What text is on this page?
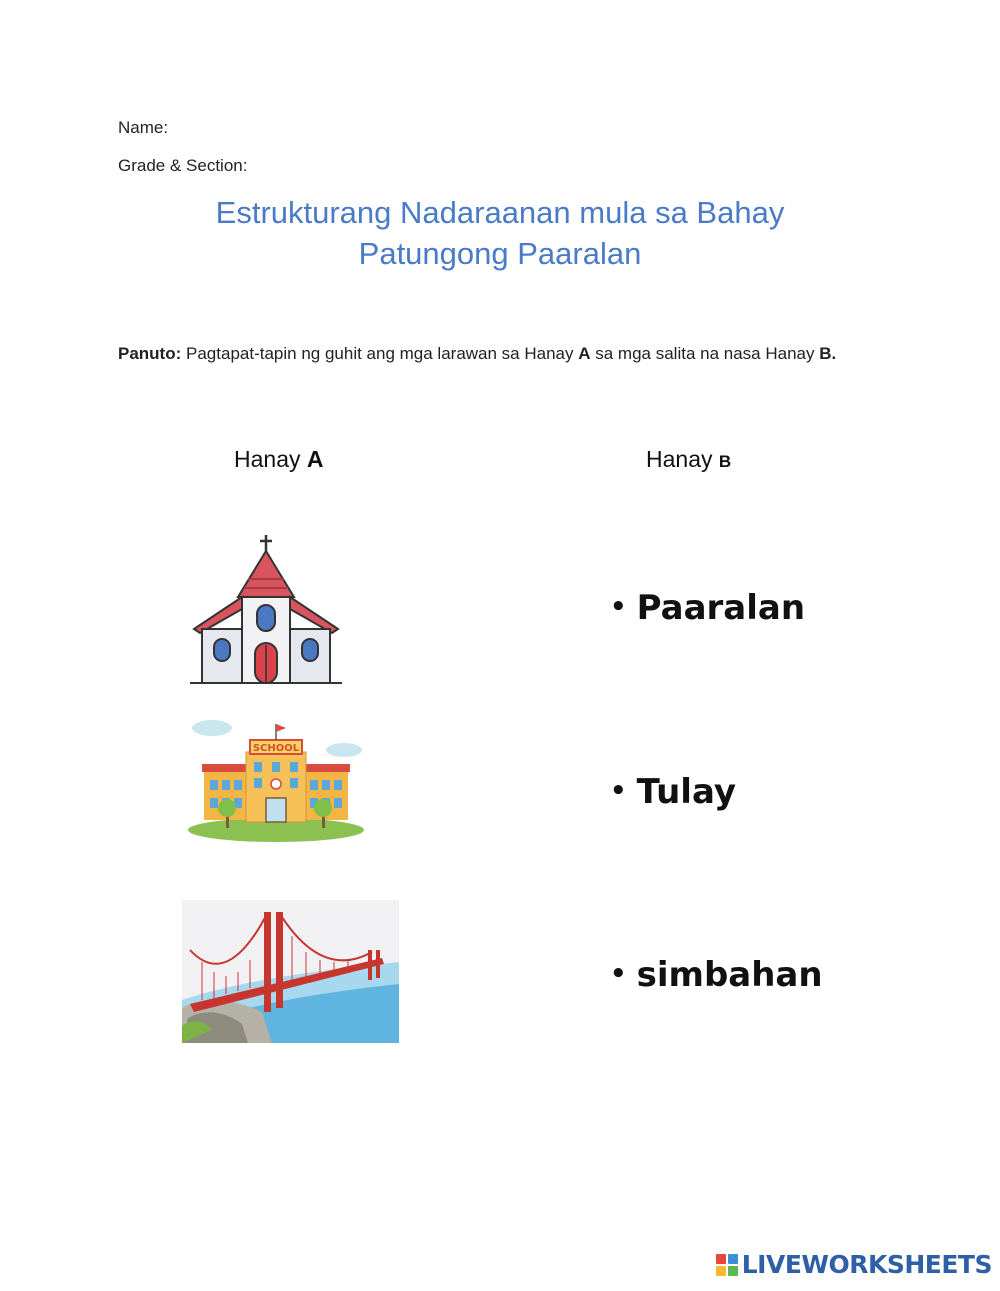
Name:
Grade & Section:
Estrukturang Nadaraanan mula sa Bahay
Patungong Paaralan
Panuto: Pagtapat-tapin ng guhit ang mga larawan sa Hanay A sa mga salita na nasa Hanay B.
Hanay A	Hanay B
SCHOOL
• Paaralan
• Tulay
• simbahan
LIVEWORKSHEETS
